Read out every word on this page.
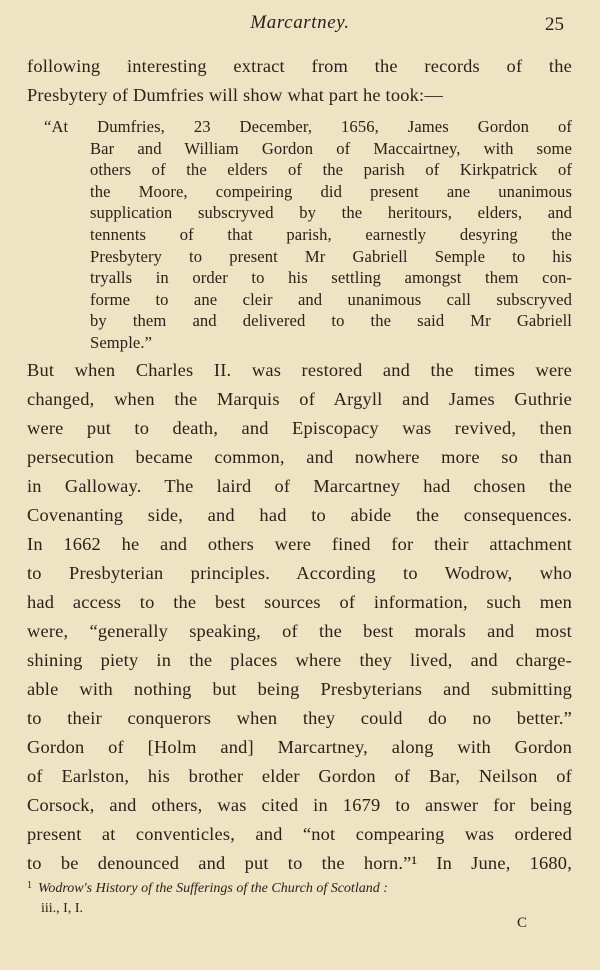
Marcartney.	25
following interesting extract from the records of the
Presbytery of Dumfries will show what part he took:—
“At Dumfries, 23 December, 1656, James Gordon of
Bar and William Gordon of Maccairtney, with some
others of the elders of the parish of Kirkpatrick of
the Moore, compeiring did present ane unanimous
supplication subscryved by the heritours, elders, and
tennents of that parish, earnestly desyring the
Presbytery to present Mr Gabriell Semple to his
tryalls in order to his settling amongst them con-
forme to ane cleir and unanimous call subscryved
by them and delivered to the said Mr Gabriell
Semple.”
But when Charles II. was restored and the times were
changed, when the Marquis of Argyll and James Guthrie
were put to death, and Episcopacy was revived, then
persecution became common, and nowhere more so than
in Galloway. The laird of Marcartney had chosen the
Covenanting side, and had to abide the consequences.
In 1662 he and others were fined for their attachment
to Presbyterian principles. According to Wodrow, who
had access to the best sources of information, such men
were, “generally speaking, of the best morals and most
shining piety in the places where they lived, and charge-
able with nothing but being Presbyterians and submitting
to their conquerors when they could do no better.”
Gordon of [Holm and] Marcartney, along with Gordon
of Earlston, his brother elder Gordon of Bar, Neilson of
Corsock, and others, was cited in 1679 to answer for being
present at conventicles, and “not compearing was ordered
to be denounced and put to the horn.”¹ In June, 1680,
$^1$ Wodrow's History of the Sufferings of the Church of Scotland :
iii., I, I.
C
